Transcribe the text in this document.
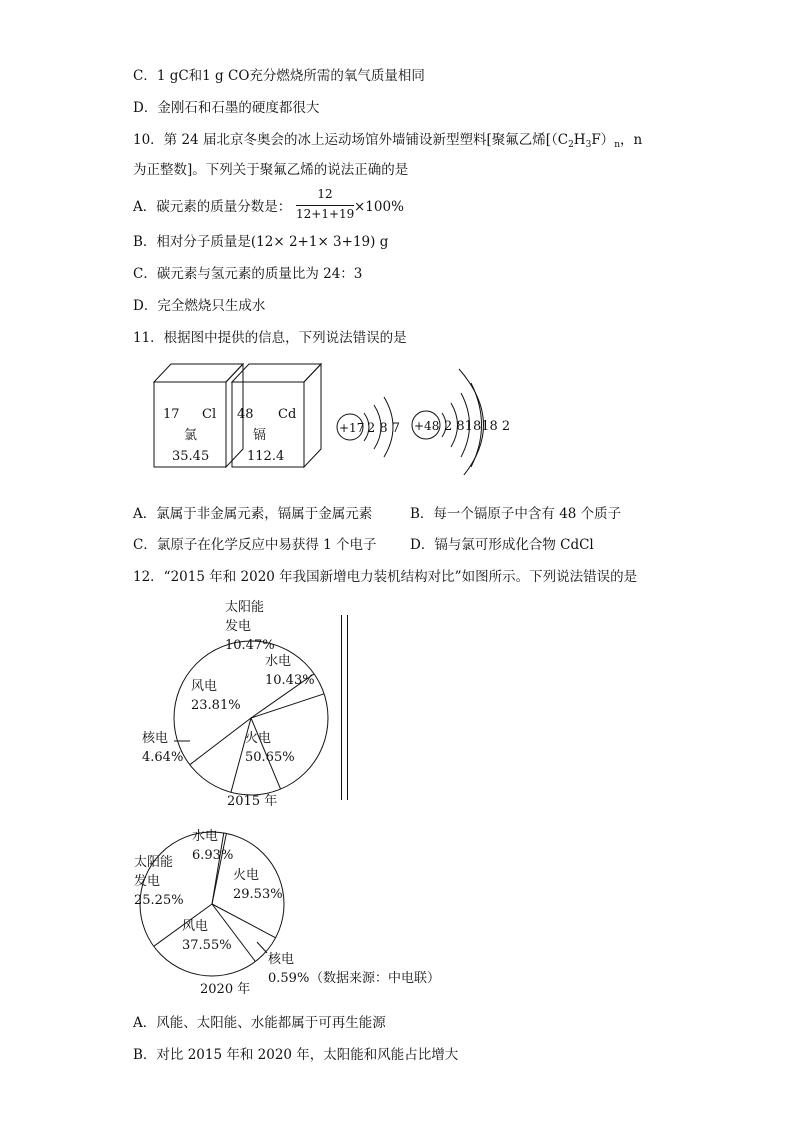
C．1 gC和1 g CO充分燃烧所需的氧气质量相同
D．金刚石和石墨的硬度都很大
10．第 24 届北京冬奥会的冰上运动场馆外墙铺设新型塑料[聚氟乙烯[$(C_2H_3F)_n$，n
为正整数]。下列关于聚氟乙烯的说法正确的是
A．碳元素的质量分数是：
12
12+1+19 ×100%
B．相对分子质量是(12× 2+1× 3+19) g
C．碳元素与氢元素的质量比为 24：3
D．完全燃烧只生成水
11．根据图中提供的信息，下列说法错误的是
17 Cl
氯
35.45
48 Cd
镉
112.4
+17 2 8 7 +48 2 81818 2
A．氯属于非金属元素，镉属于金属元素	B．每一个镉原子中含有 48 个质子
C．氯原子在化学反应中易获得 1 个电子 D．镉与氯可形成化合物 CdCl
12．“2015 年和 2020 年我国新增电力装机结构对比”如图所示。下列说法错误的是
火电
50.65%
水电
10.43%
太阳能
发电
10.47%
风电
23.81%
核电
4.64%
2015 年
火电
29.53%
核电
0.59%
风电
37.55%
太阳能
发电
25.25%
水电
6.93%
2020 年
（数据来源：中电联）
A．风能、太阳能、水能都属于可再生能源
B．对比 2015 年和 2020 年，太阳能和风能占比增大
